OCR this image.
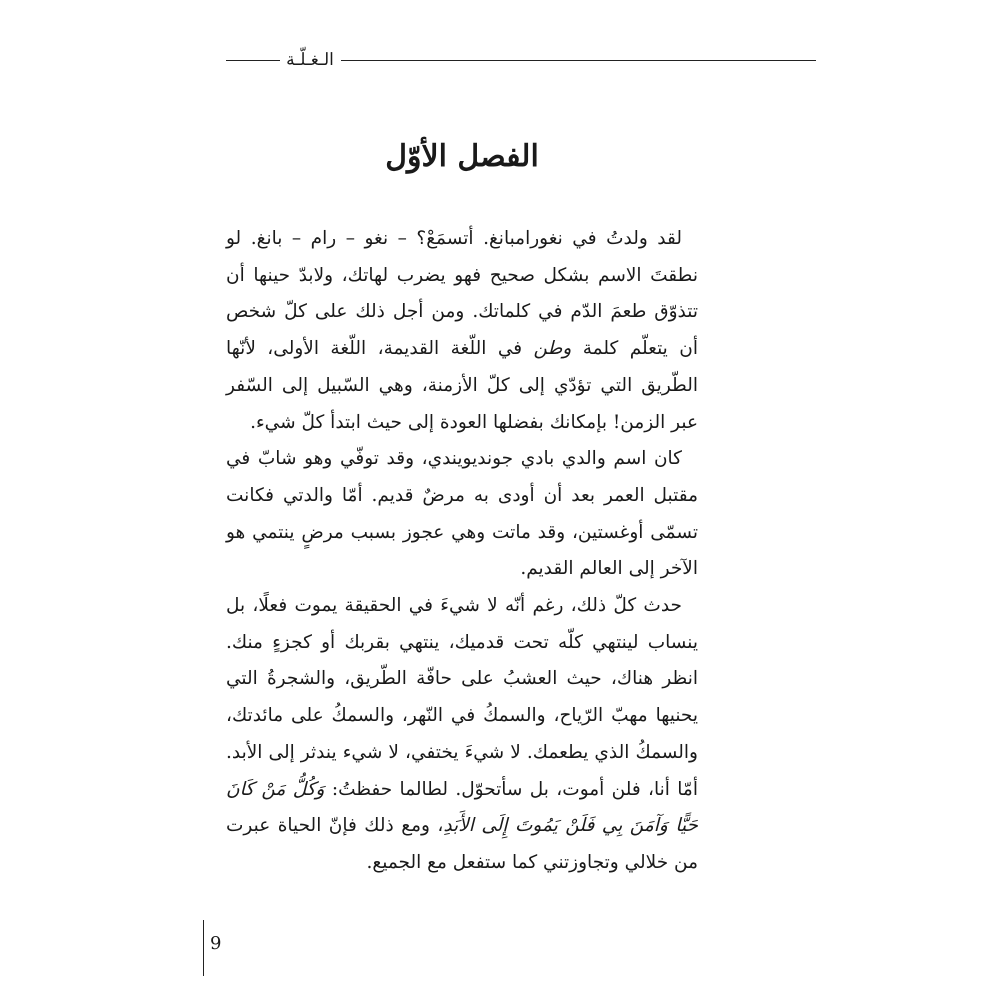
الـغـلّـة
الفصل الأوّل

لقد ولدتُ في نغورامبانغ. أتسمَعْ؟ – نغو – رام – بانغ. لو نطقتَ الاسم بشكل صحيح فهو يضرب لهاتك، ولابدّ حينها أن تتذوّق طعمَ الدّم في كلماتك. ومن أجل ذلك على كلّ شخص أن يتعلّم كلمة وطن في اللّغة القديمة، اللّغة الأولى، لأنّها الطّريق التي تؤدّي إلى كلّ الأزمنة، وهي السّبيل إلى السّفر عبر الزمن! بإمكانك بفضلها العودة إلى حيث ابتدأ كلّ شيء.

كان اسم والدي بادي جونديويندي، وقد توفّي وهو شابّ في مقتبل العمر بعد أن أودى به مرضٌ قديم. أمّا والدتي فكانت تسمّى أوغستين، وقد ماتت وهي عجوز بسبب مرضٍ ينتمي هو الآخر إلى العالم القديم.

حدث كلّ ذلك، رغم أنّه لا شيءَ في الحقيقة يموت فعلًا، بل ينساب لينتهي كلّه تحت قدميك، ينتهي بقربك أو كجزءٍ منك. انظر هناك، حيث العشبُ على حافّة الطّريق، والشجرةُ التي يحنيها مهبّ الرّياح، والسمكُ في النّهر، والسمكُ على مائدتك، والسمكُ الذي يطعمك. لا شيءَ يختفي، لا شيء يندثر إلى الأبد. أمّا أنا، فلن أموت، بل سأتحوّل. لطالما حفظتُ: وَكُلُّ مَنْ كَانَ حَيًّا وَآمَنَ بِي فَلَنْ يَمُوتَ إِلَى الأَبَدِ، ومع ذلك فإنّ الحياة عبرت من خلالي وتجاوزتني كما ستفعل مع الجميع.

9
